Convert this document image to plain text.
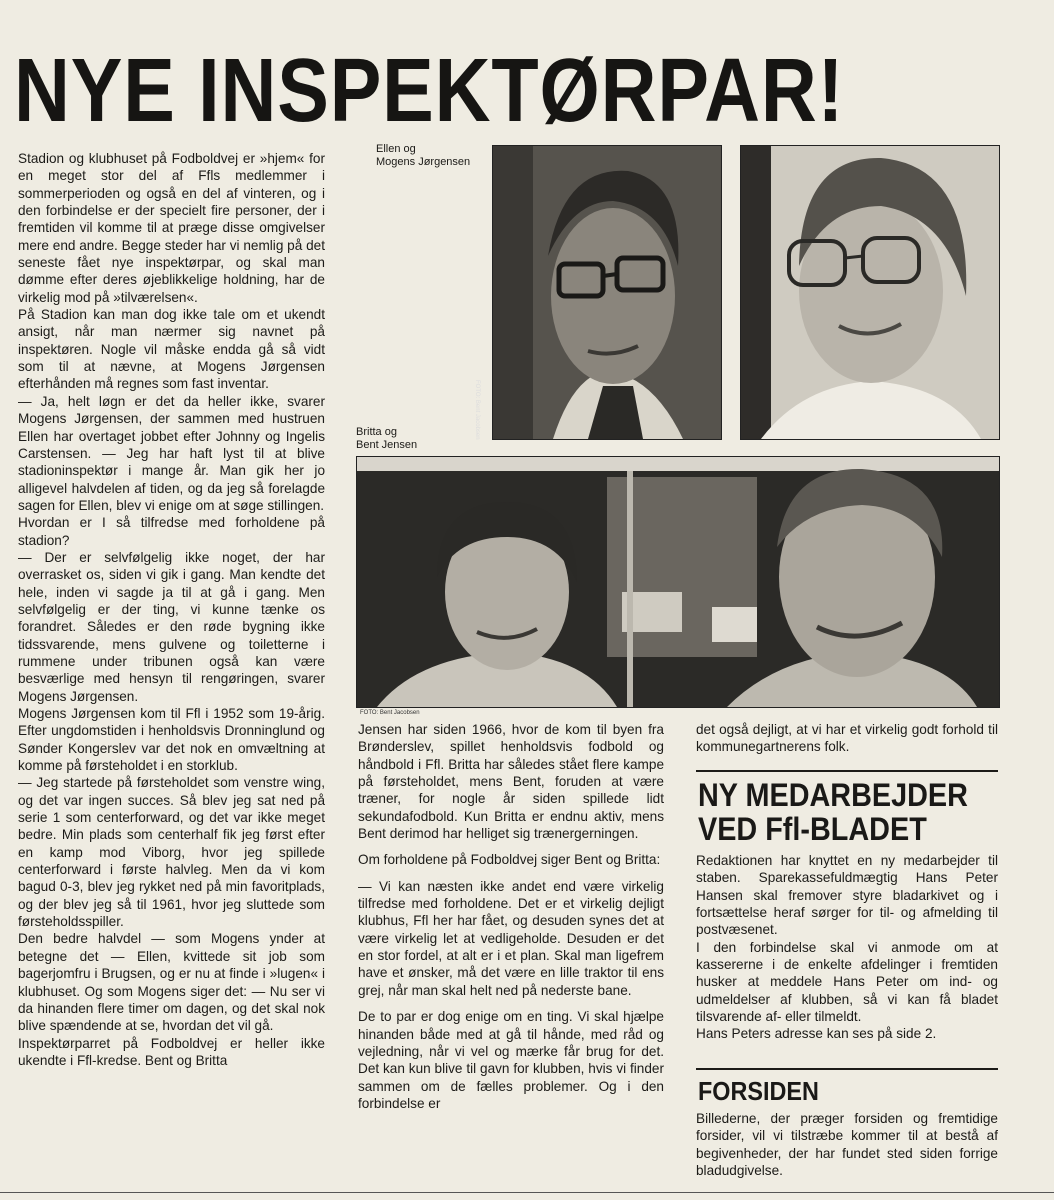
NYE INSPEKTØRPAR!

Stadion og klubhuset på Fodboldvej er »hjem« for en meget stor del af Ffls medlemmer i sommerperioden og også en del af vinteren, og i den forbindelse er der specielt fire personer, der i fremtiden vil komme til at præge disse omgivelser mere end andre. Begge steder har vi nemlig på det seneste fået nye inspektørpar, og skal man dømme efter deres øjeblikkelige holdning, har de virkelig mod på »tilværelsen«.

På Stadion kan man dog ikke tale om et ukendt ansigt, når man nærmer sig navnet på inspektøren. Nogle vil måske endda gå så vidt som til at nævne, at Mogens Jørgensen efterhånden må regnes som fast inventar.

— Ja, helt løgn er det da heller ikke, svarer Mogens Jørgensen, der sammen med hustruen Ellen har overtaget jobbet efter Johnny og Ingelis Carstensen. — Jeg har haft lyst til at blive stadioninspektør i mange år. Man gik her jo alligevel halvdelen af tiden, og da jeg så forelagde sagen for Ellen, blev vi enige om at søge stillingen.

Hvordan er I så tilfredse med forholdene på stadion?

— Der er selvfølgelig ikke noget, der har overrasket os, siden vi gik i gang. Man kendte det hele, inden vi sagde ja til at gå i gang. Men selvfølgelig er der ting, vi kunne tænke os forandret. Således er den røde bygning ikke tidssvarende, mens gulvene og toiletterne i rummene under tribunen også kan være besværlige med hensyn til rengøringen, svarer Mogens Jørgensen.

Mogens Jørgensen kom til Ffl i 1952 som 19-årig. Efter ungdomstiden i henholdsvis Dronninglund og Sønder Kongerslev var det nok en omvæltning at komme på førsteholdet i en storklub.

— Jeg startede på førsteholdet som venstre wing, og det var ingen succes. Så blev jeg sat ned på serie 1 som centerforward, og det var ikke meget bedre. Min plads som centerhalf fik jeg først efter en kamp mod Viborg, hvor jeg spillede centerforward i første halvleg. Men da vi kom bagud 0-3, blev jeg rykket ned på min favoritplads, og der blev jeg så til 1961, hvor jeg sluttede som førsteholdsspiller.

Den bedre halvdel — som Mogens ynder at betegne det — Ellen, kvittede sit job som bagerjomfru i Brugsen, og er nu at finde i »lugen« i klubhuset. Og som Mogens siger det: — Nu ser vi da hinanden flere timer om dagen, og det skal nok blive spændende at se, hvordan det vil gå.

Inspektørparret på Fodboldvej er heller ikke ukendte i Ffl-kredse. Bent og Britta

Ellen og
Mogens Jørgensen
Britta og
Bent Jensen
FOTO: Bent Jacobsen
FOTO: Bent Jacobsen

Jensen har siden 1966, hvor de kom til byen fra Brønderslev, spillet henholdsvis fodbold og håndbold i Ffl. Britta har således stået flere kampe på førsteholdet, mens Bent, foruden at være træner, for nogle år siden spillede lidt sekundafodbold. Kun Britta er endnu aktiv, mens Bent derimod har helliget sig trænergerningen.

Om forholdene på Fodboldvej siger Bent og Britta:

— Vi kan næsten ikke andet end være virkelig tilfredse med forholdene. Det er et virkelig dejligt klubhus, Ffl her har fået, og desuden synes det at være virkelig let at vedligeholde. Desuden er det en stor fordel, at alt er i et plan. Skal man ligefrem have et ønsker, må det være en lille traktor til ens grej, når man skal helt ned på nederste bane.

De to par er dog enige om en ting. Vi skal hjælpe hinanden både med at gå til hånde, med råd og vejledning, når vi vel og mærke får brug for det. Det kan kun blive til gavn for klubben, hvis vi finder sammen om de fælles problemer. Og i den forbindelse er

det også dejligt, at vi har et virkelig godt forhold til kommunegartnerens folk.

NY MEDARBEJDER
VED Ffl-BLADET

Redaktionen har knyttet en ny medarbejder til staben. Sparekassefuldmægtig Hans Peter Hansen skal fremover styre bladarkivet og i fortsættelse heraf sørger for til- og afmelding til postvæsenet.

I den forbindelse skal vi anmode om at kassererne i de enkelte afdelinger i fremtiden husker at meddele Hans Peter om ind- og udmeldelser af klubben, så vi kan få bladet tilsvarende af- eller tilmeldt.

Hans Peters adresse kan ses på side 2.

FORSIDEN

Billederne, der præger forsiden og fremtidige forsider, vil vi tilstræbe kommer til at bestå af begivenheder, der har fundet sted siden forrige bladudgivelse.
